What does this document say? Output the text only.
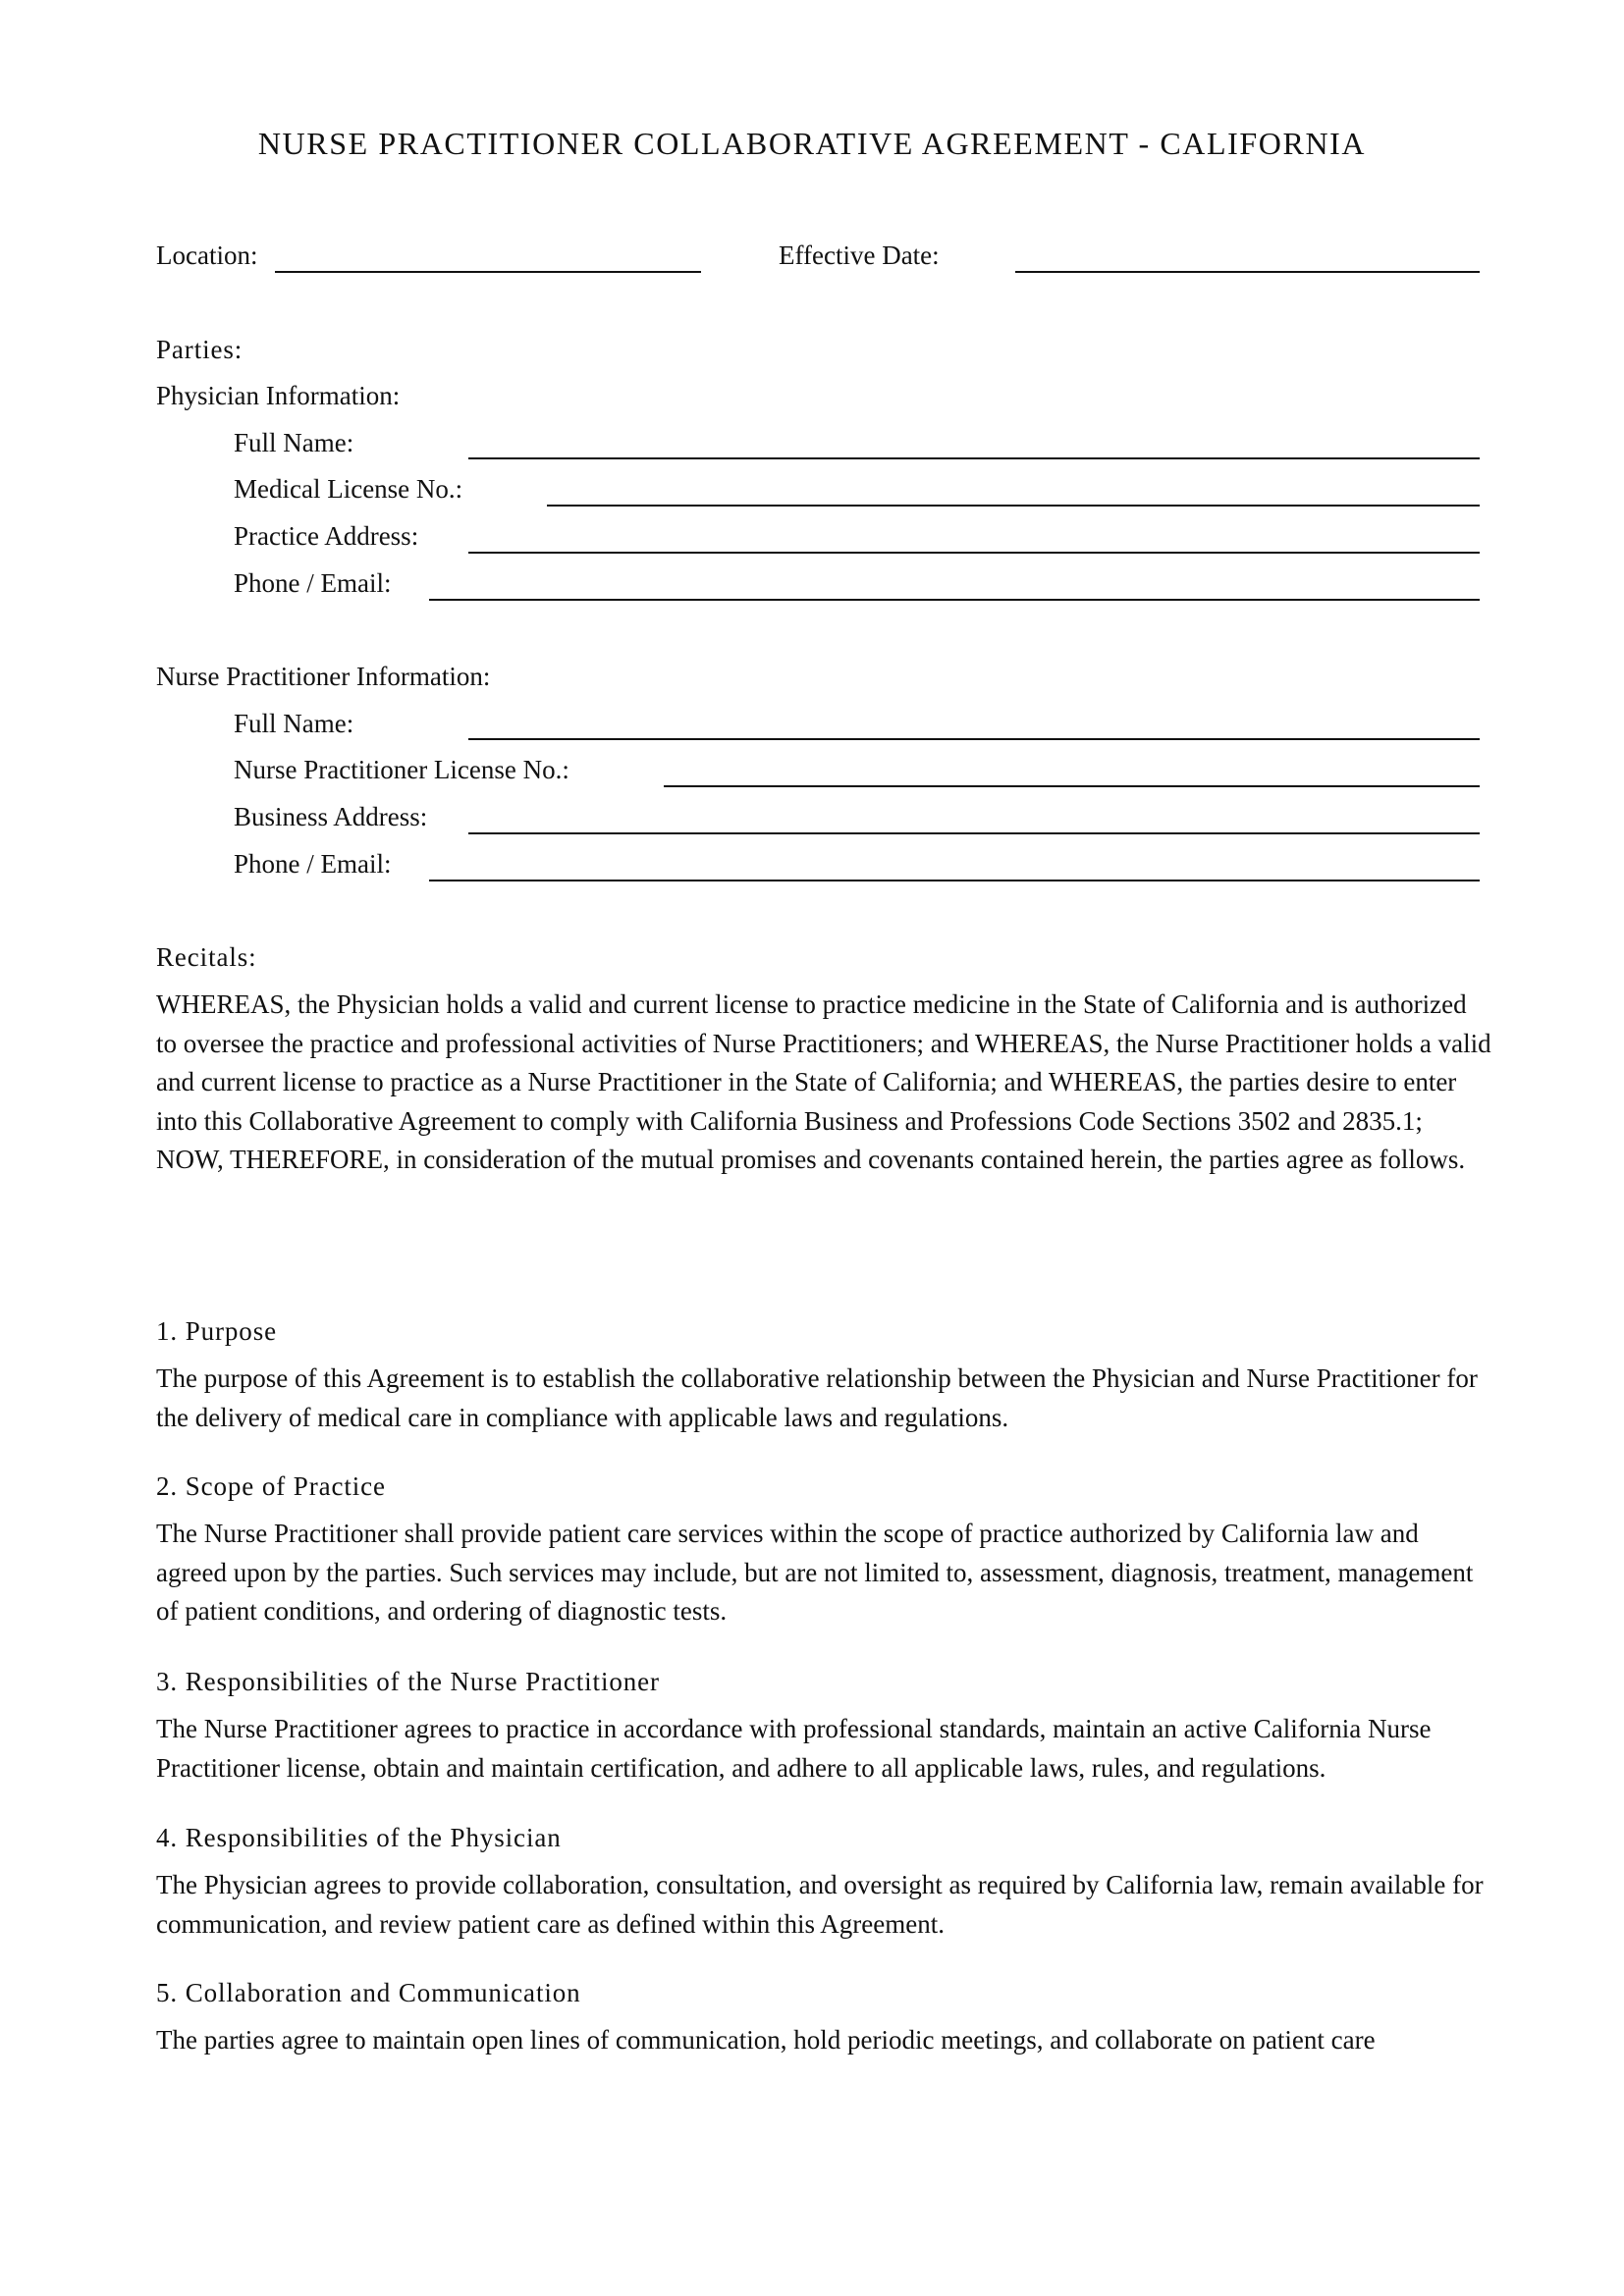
NURSE PRACTITIONER COLLABORATIVE AGREEMENT - CALIFORNIA
Location:	Effective Date:
Parties:
Physician Information:
Full Name:
Medical License No.:
Practice Address:
Phone / Email:
Nurse Practitioner Information:
Full Name:
Nurse Practitioner License No.:
Business Address:
Phone / Email:
Recitals:
WHEREAS, the Physician holds a valid and current license to practice medicine in the State of California and is authorized to oversee the practice and professional activities of Nurse Practitioners; and WHEREAS, the Nurse Practitioner holds a valid and current license to practice as a Nurse Practitioner in the State of California; and WHEREAS, the parties desire to enter into this Collaborative Agreement to comply with California Business and Professions Code Sections 3502 and 2835.1; NOW, THEREFORE, in consideration of the mutual promises and covenants contained herein, the parties agree as follows.
1. Purpose
The purpose of this Agreement is to establish the collaborative relationship between the Physician and Nurse Practitioner for the delivery of medical care in compliance with applicable laws and regulations.
2. Scope of Practice
The Nurse Practitioner shall provide patient care services within the scope of practice authorized by California law and agreed upon by the parties. Such services may include, but are not limited to, assessment, diagnosis, treatment, management of patient conditions, and ordering of diagnostic tests.
3. Responsibilities of the Nurse Practitioner
The Nurse Practitioner agrees to practice in accordance with professional standards, maintain an active California Nurse Practitioner license, obtain and maintain certification, and adhere to all applicable laws, rules, and regulations.
4. Responsibilities of the Physician
The Physician agrees to provide collaboration, consultation, and oversight as required by California law, remain available for communication, and review patient care as defined within this Agreement.
5. Collaboration and Communication
The parties agree to maintain open lines of communication, hold periodic meetings, and collaborate on patient care
